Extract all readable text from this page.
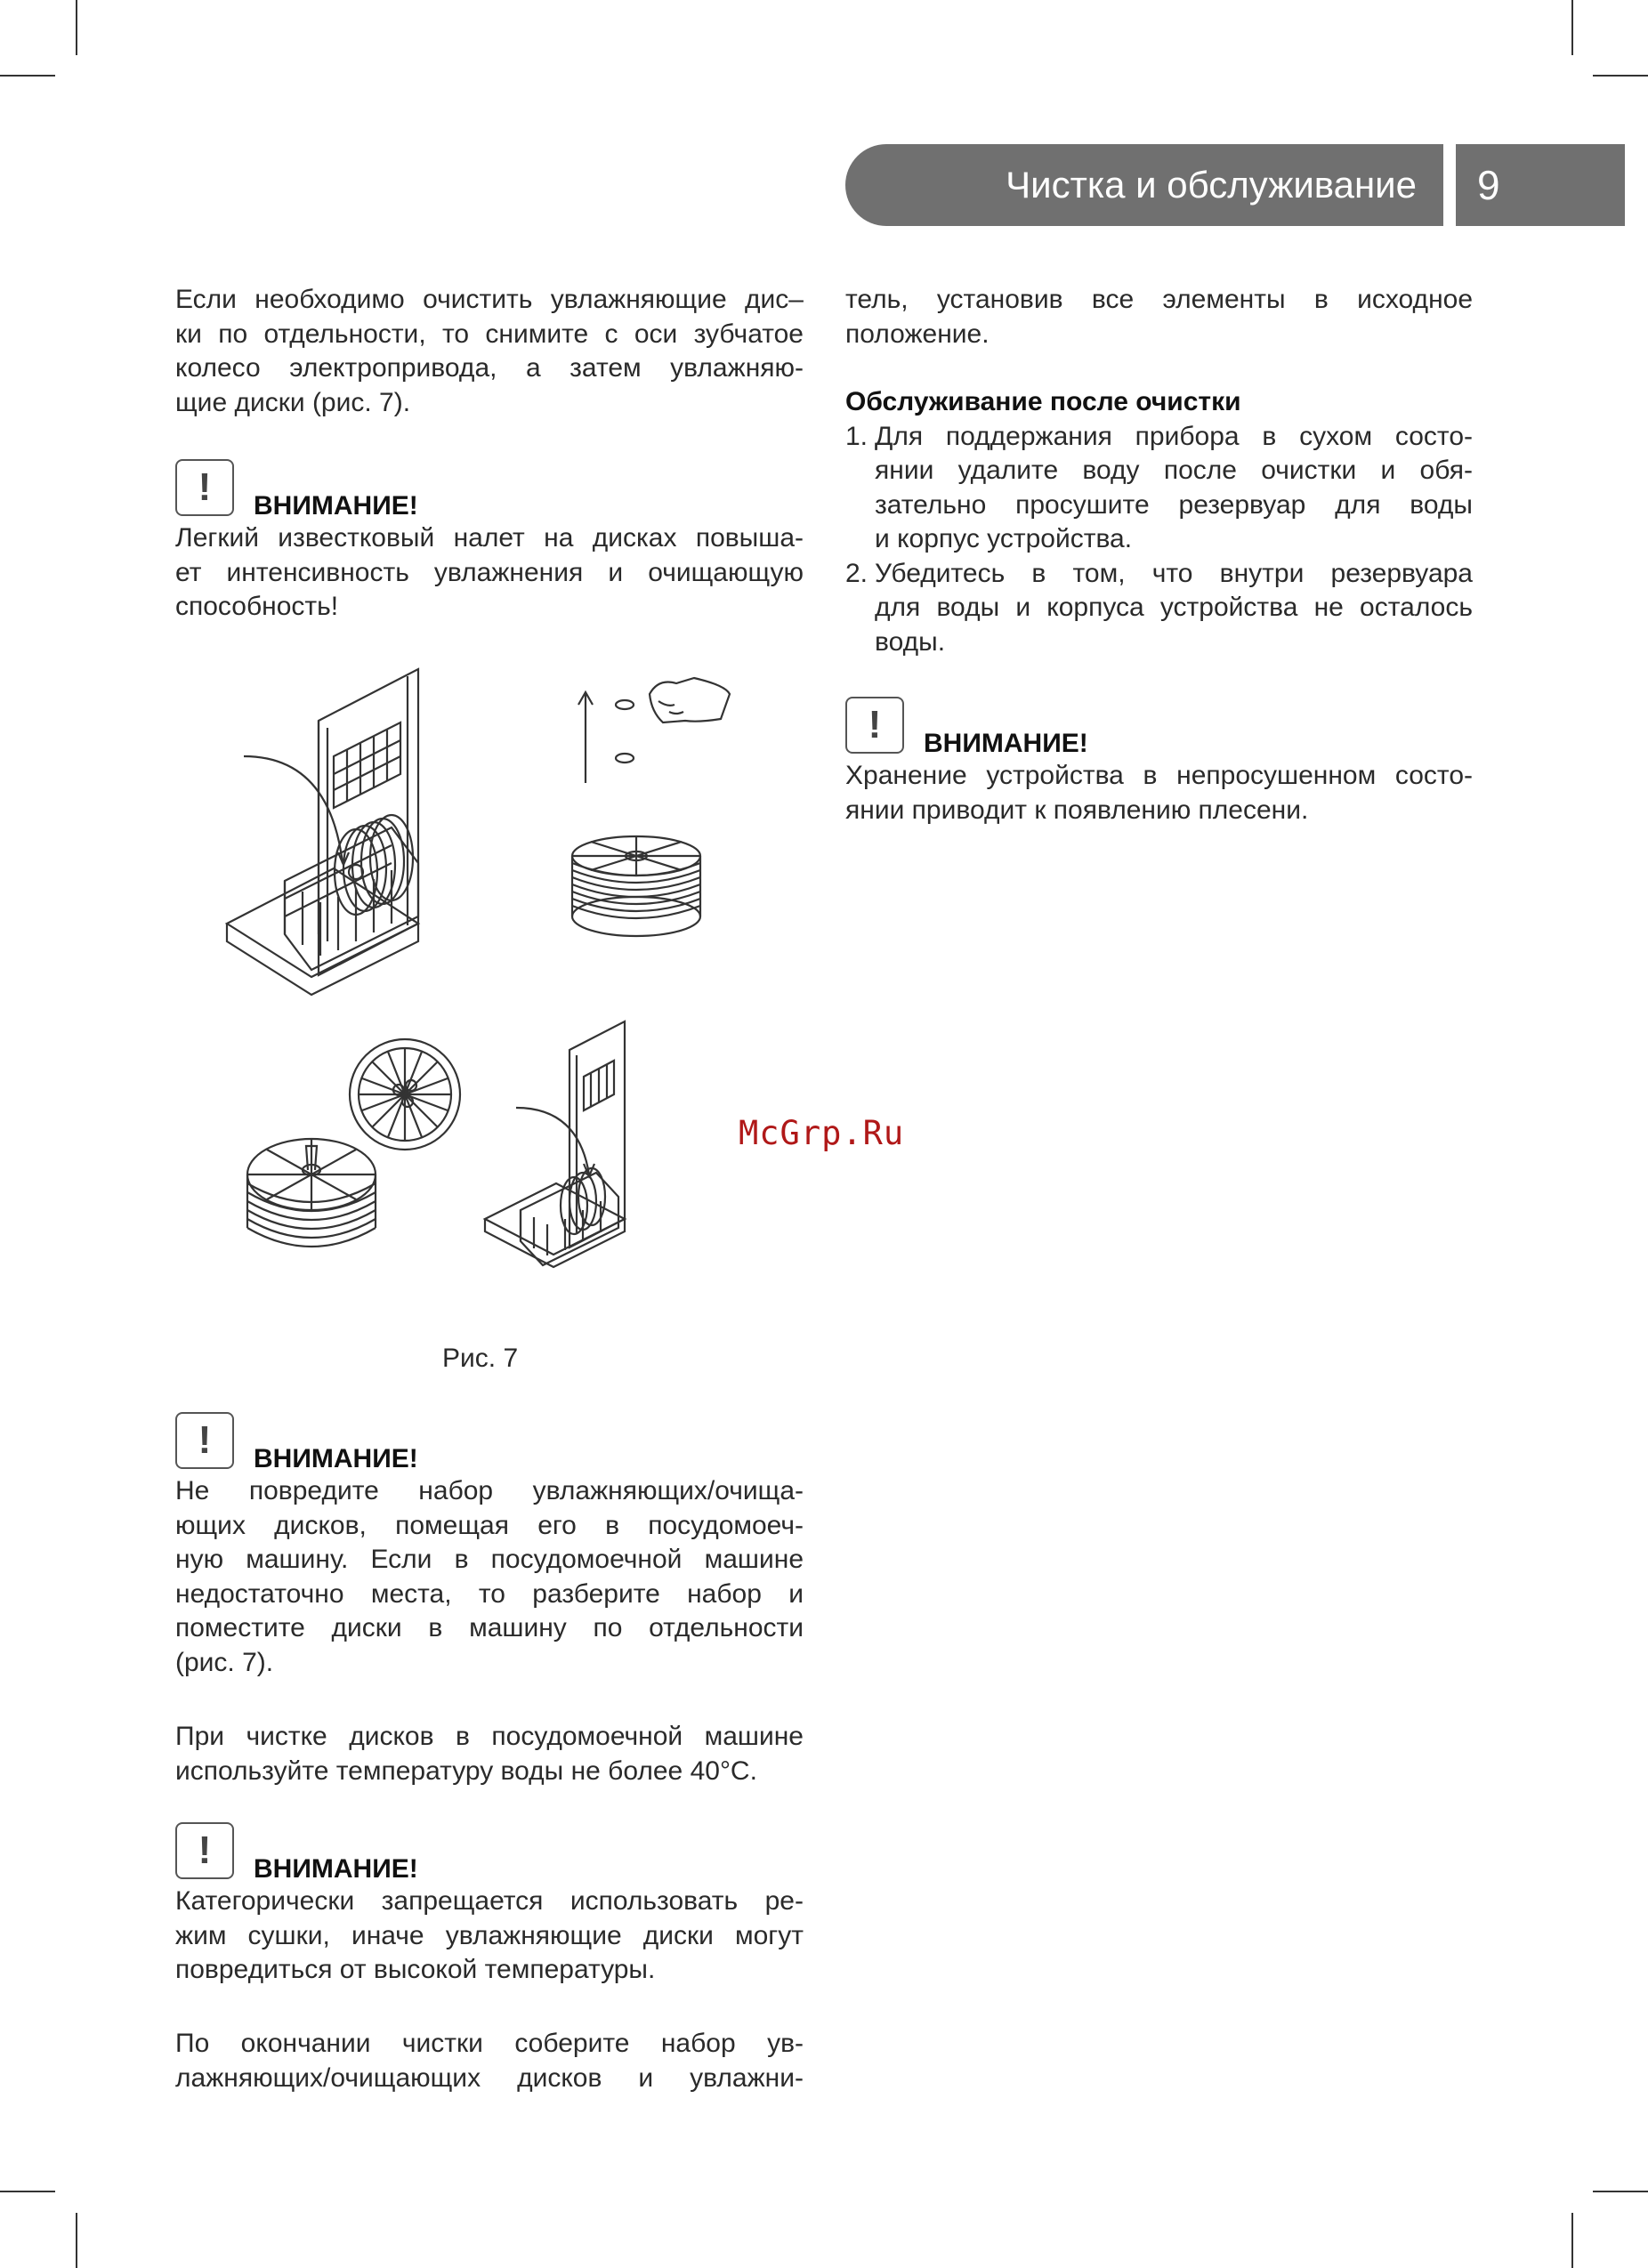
Чистка и обслуживание 9

Если необходимо очистить увлажняющие дис–

ки по отдельности, то снимите с оси зубчатое

колесо электропривода, а затем увлажняю-

щие диски (рис. 7).

!	ВНИМАНИЕ!

Легкий известковый налет на дисках повыша-

ет интенсивность увлажнения и очищающую

способность!

Рис. 7
!	ВНИМАНИЕ!

Не повредите набор увлажняющих/очища-

ющих дисков, помещая его в посудомоеч-

ную машину. Если в посудомоечной машине

недостаточно места, то разберите набор и

поместите диски в машину по отдельности

(рис. 7).

При чистке дисков в посудомоечной машине

используйте температуру воды не более 40°C.

!	ВНИМАНИЕ!

Категорически запрещается использовать ре-

жим сушки, иначе увлажняющие диски могут

повредиться от высокой температуры.

По окончании чистки соберите набор ув-

лажняющих/очищающих дисков и увлажни-

тель, установив все элементы в исходное

положение.

Обслуживание после очистки

1. Для поддержания прибора в сухом состо-

янии удалите воду после очистки и обя-

зательно просушите резервуар для воды

и корпус устройства.

2. Убедитесь в том, что внутри резервуара

для воды и корпуса устройства не осталось

воды.

!	ВНИМАНИЕ!

Хранение устройства в непросушенном состо-

янии приводит к появлению плесени.

McGrp.Ru
